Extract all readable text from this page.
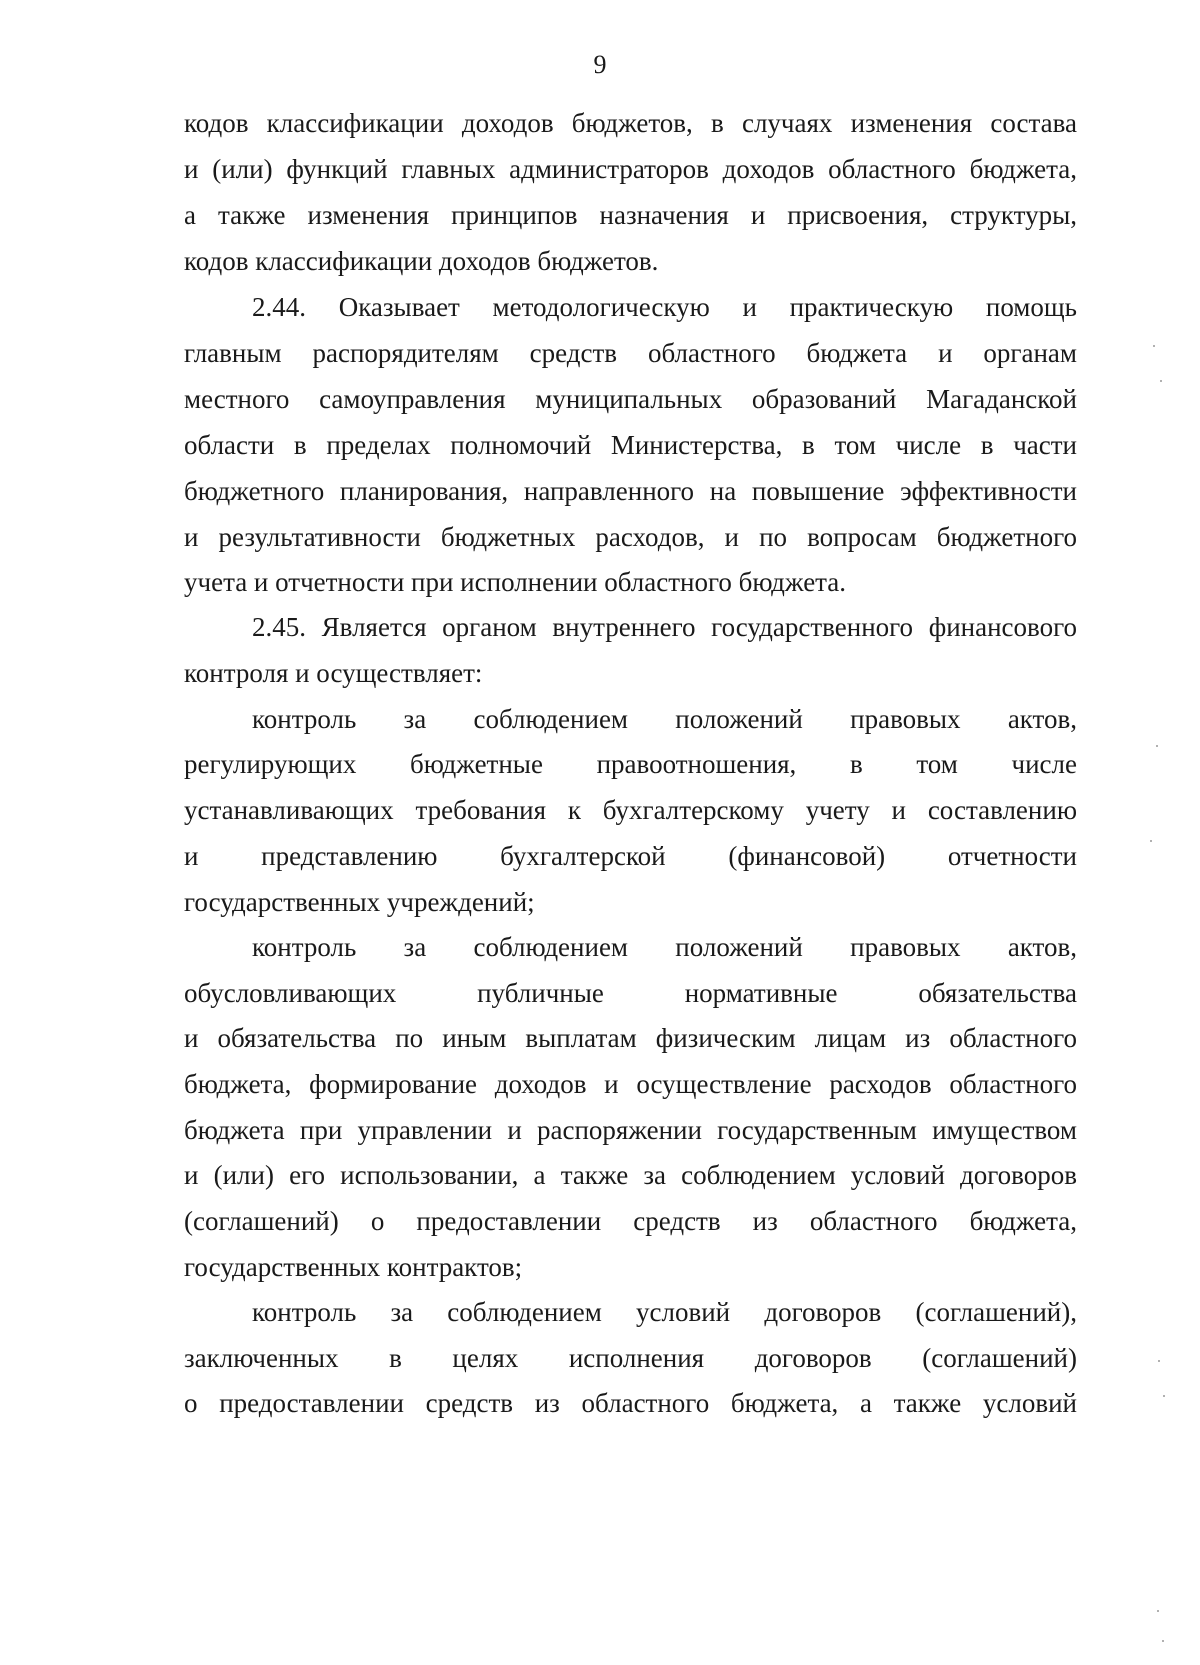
9
кодов классификации доходов бюджетов, в случаях изменения состава
и (или) функций главных администраторов доходов областного бюджета,
а также изменения принципов назначения и присвоения, структуры,
кодов классификации доходов бюджетов.
2.44. Оказывает методологическую и практическую помощь
главным распорядителям средств областного бюджета и органам
местного самоуправления муниципальных образований Магаданской
области в пределах полномочий Министерства, в том числе в части
бюджетного планирования, направленного на повышение эффективности
и результативности бюджетных расходов, и по вопросам бюджетного
учета и отчетности при исполнении областного бюджета.
2.45. Является органом внутреннего государственного финансового
контроля и осуществляет:
контроль за соблюдением положений правовых актов,
регулирующих бюджетные правоотношения, в том числе
устанавливающих требования к бухгалтерскому учету и составлению
и представлению бухгалтерской (финансовой) отчетности
государственных учреждений;
контроль за соблюдением положений правовых актов,
обусловливающих публичные нормативные обязательства
и обязательства по иным выплатам физическим лицам из областного
бюджета, формирование доходов и осуществление расходов областного
бюджета при управлении и распоряжении государственным имуществом
и (или) его использовании, а также за соблюдением условий договоров
(соглашений) о предоставлении средств из областного бюджета,
государственных контрактов;
контроль за соблюдением условий договоров (соглашений),
заключенных в целях исполнения договоров (соглашений)
о предоставлении средств из областного бюджета, а также условий
